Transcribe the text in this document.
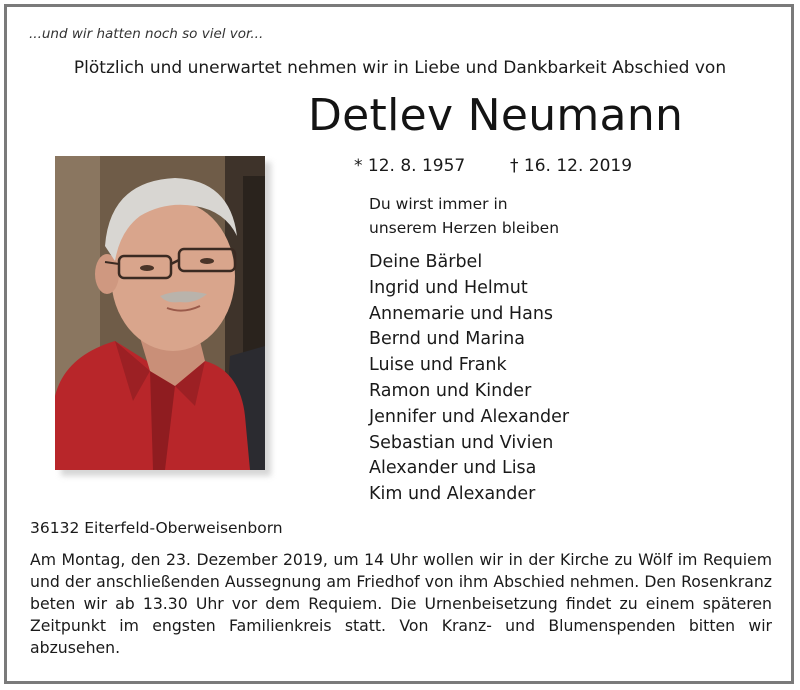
...und wir hatten noch so viel vor...
Plötzlich und unerwartet nehmen wir in Liebe und Dankbarkeit Abschied von
Detlev Neumann
* 12. 8. 1957	† 16. 12. 2019
Du wirst immer in
unserem Herzen bleiben
Deine Bärbel
Ingrid und Helmut
Annemarie und Hans
Bernd und Marina
Luise und Frank
Ramon und Kinder
Jennifer und Alexander
Sebastian und Vivien
Alexander und Lisa
Kim und Alexander
36132 Eiterfeld-Oberweisenborn
Am Montag, den 23. Dezember 2019, um 14 Uhr wollen wir in der Kirche zu Wölf im Requiem und der anschließenden Aussegnung am Friedhof von ihm Abschied nehmen. Den Rosenkranz beten wir ab 13.30 Uhr vor dem Requiem. Die Urnenbeisetzung findet zu einem späteren Zeitpunkt im engsten Familienkreis statt. Von Kranz- und Blumenspenden bitten wir abzusehen.
